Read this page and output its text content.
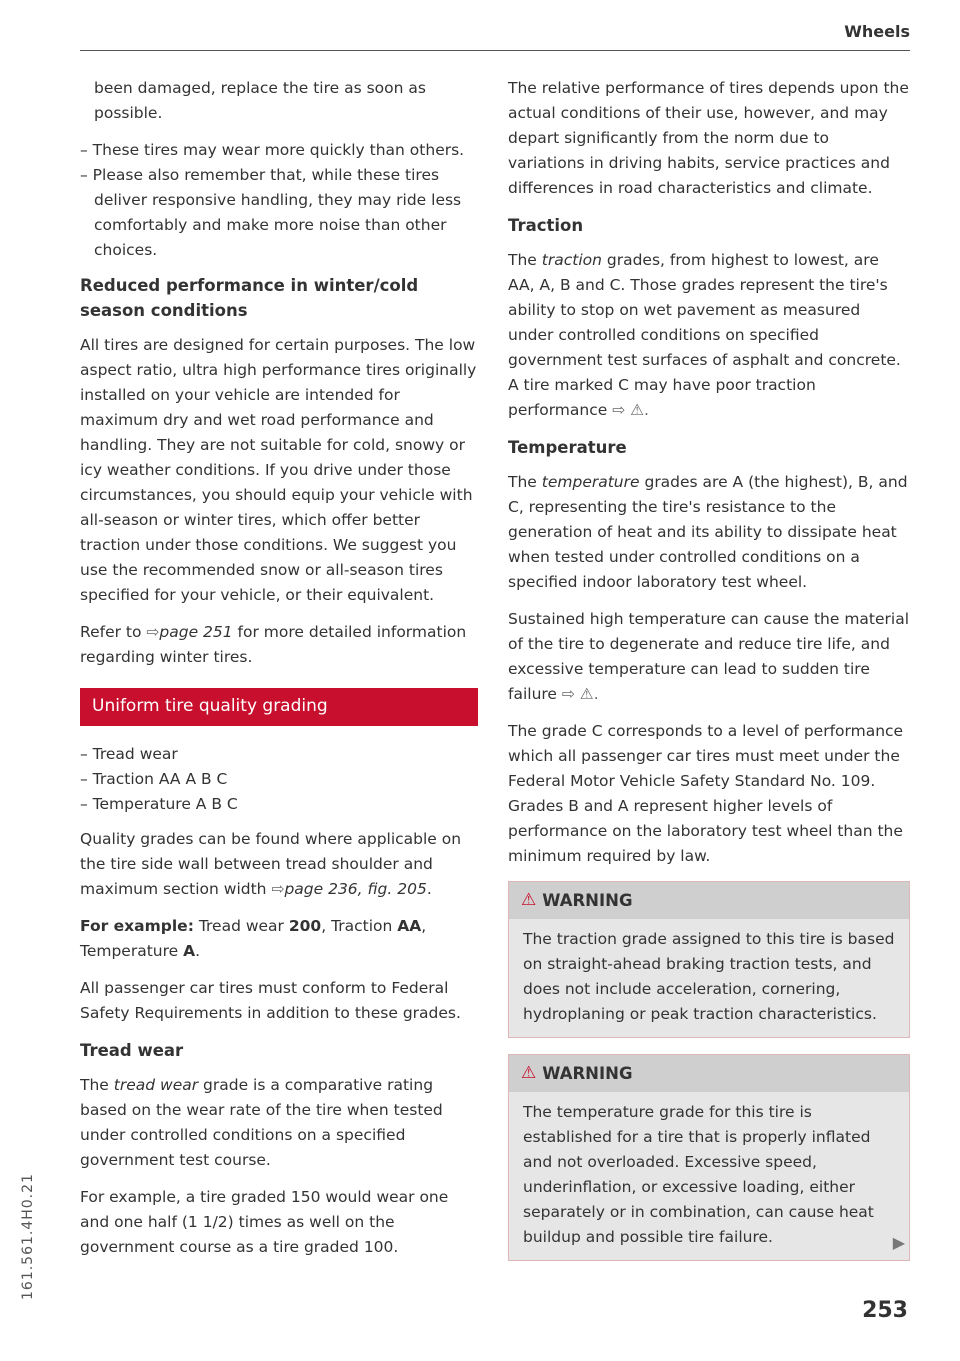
Wheels

been damaged, replace the tire as soon as possible.

– These tires may wear more quickly than others.

– Please also remember that, while these tires deliver responsive handling, they may ride less comfortably and make more noise than other choices.

Reduced performance in winter/cold season conditions

All tires are designed for certain purposes. The low aspect ratio, ultra high performance tires originally installed on your vehicle are intended for maximum dry and wet road performance and handling. They are not suitable for cold, snowy or icy weather conditions. If you drive under those circumstances, you should equip your vehicle with all-season or winter tires, which offer better traction under those conditions. We suggest you use the recommended snow or all-season tires specified for your vehicle, or their equivalent.

Refer to ⇨page 251 for more detailed information regarding winter tires.

Uniform tire quality grading
– Tread wear
– Traction AA A B C
– Temperature A B C

Quality grades can be found where applicable on the tire side wall between tread shoulder and maximum section width ⇨page 236, fig. 205.

For example: Tread wear 200, Traction AA, Temperature A.

All passenger car tires must conform to Federal Safety Requirements in addition to these grades.

Tread wear

The tread wear grade is a comparative rating based on the wear rate of the tire when tested under controlled conditions on a specified government test course.

For example, a tire graded 150 would wear one and one half (1 1/2) times as well on the government course as a tire graded 100.

The relative performance of tires depends upon the actual conditions of their use, however, and may depart significantly from the norm due to variations in driving habits, service practices and differences in road characteristics and climate.

Traction

The traction grades, from highest to lowest, are AA, A, B and C. Those grades represent the tire's ability to stop on wet pavement as measured under controlled conditions on specified government test surfaces of asphalt and concrete. A tire marked C may have poor traction performance ⇨ ⚠.

Temperature

The temperature grades are A (the highest), B, and C, representing the tire's resistance to the generation of heat and its ability to dissipate heat when tested under controlled conditions on a specified indoor laboratory test wheel.

Sustained high temperature can cause the material of the tire to degenerate and reduce tire life, and excessive temperature can lead to sudden tire failure ⇨ ⚠.

The grade C corresponds to a level of performance which all passenger car tires must meet under the Federal Motor Vehicle Safety Standard No. 109. Grades B and A represent higher levels of performance on the laboratory test wheel than the minimum required by law.

⚠ WARNING
The traction grade assigned to this tire is based on straight-ahead braking traction tests, and does not include acceleration, cornering, hydroplaning or peak traction characteristics.
⚠ WARNING
The temperature grade for this tire is established for a tire that is properly inflated and not overloaded. Excessive speed, underinflation, or excessive loading, either separately or in combination, can cause heat buildup and possible tire failure.	▶
253
161.561.4H0.21
